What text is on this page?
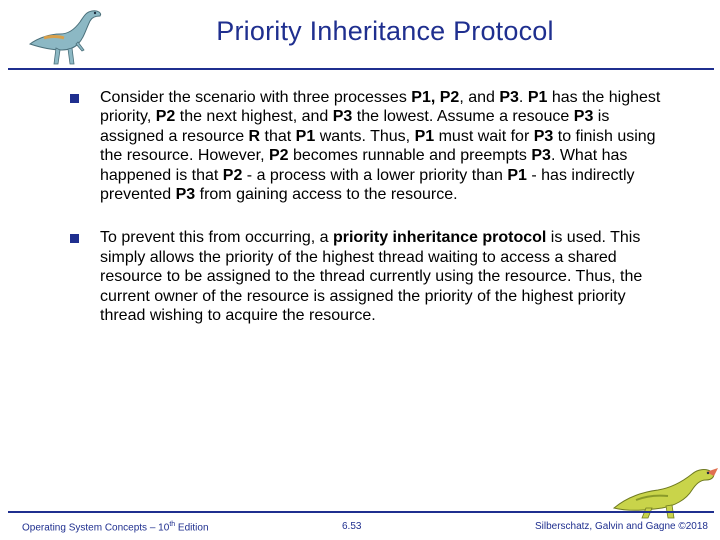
Priority Inheritance Protocol
Consider the scenario with three processes P1, P2, and P3. P1 has the highest priority, P2 the next highest, and P3 the lowest. Assume a resouce P3 is assigned a resource R that P1 wants. Thus, P1 must wait for P3 to finish using the resource. However, P2 becomes runnable and preempts P3. What has happened is that P2 - a process with a lower priority than P1 - has indirectly prevented P3 from gaining access to the resource.
To prevent this from occurring, a priority inheritance protocol is used. This simply allows the priority of the highest thread waiting to access a shared resource to be assigned to the thread currently using the resource. Thus, the current owner of the resource is assigned the priority of the highest priority thread wishing to acquire the resource.
Operating System Concepts – 10th Edition	6.53	Silberschatz, Galvin and Gagne ©2018
